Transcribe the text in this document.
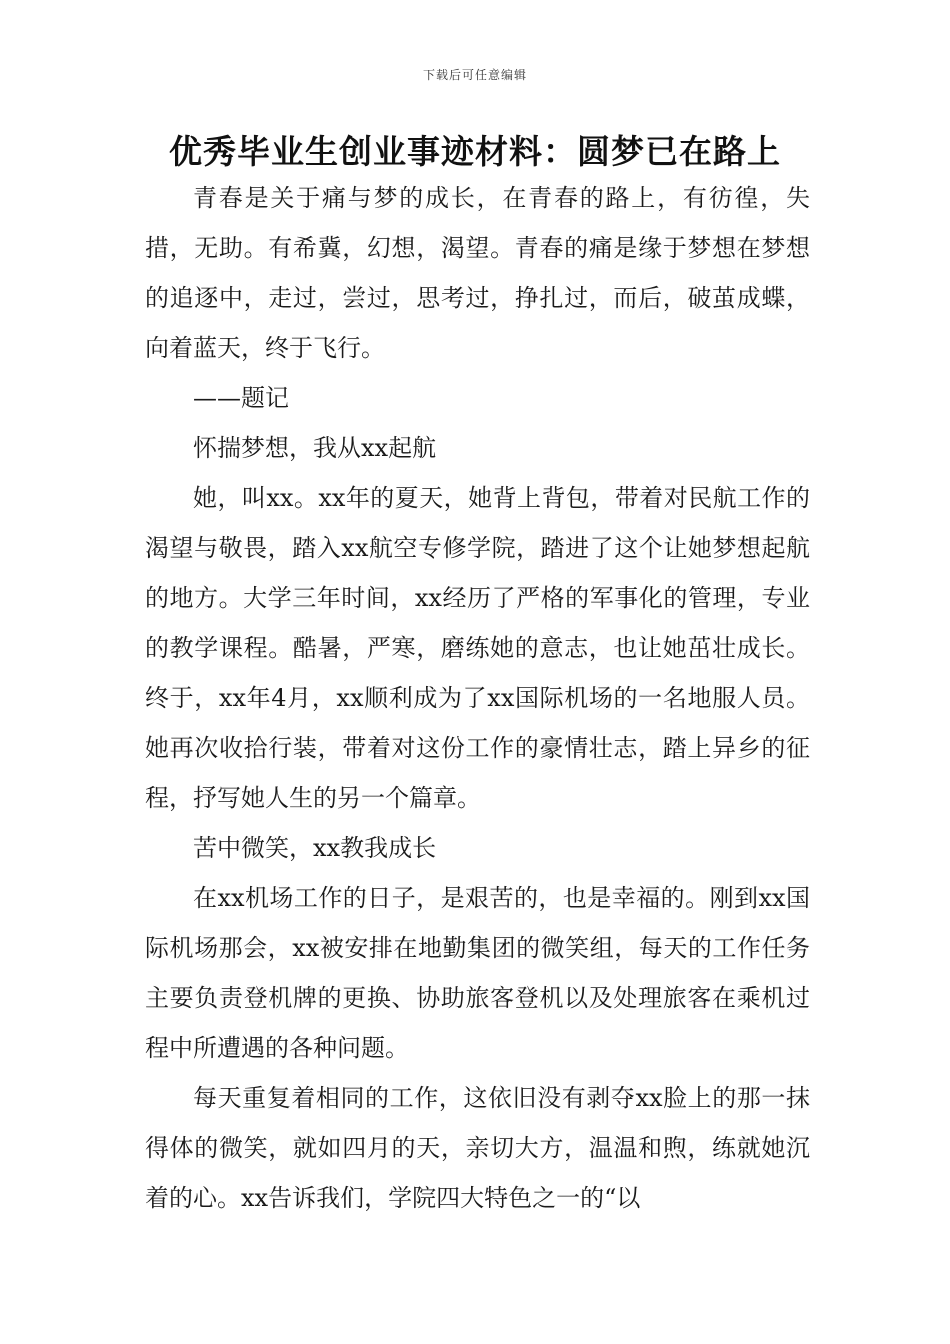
下载后可任意编辑
优秀毕业生创业事迹材料：圆梦已在路上

青春是关于痛与梦的成长，在青春的路上，有彷徨，失措，无助。有希冀，幻想，渴望。青春的痛是缘于梦想在梦想的追逐中，走过，尝过，思考过，挣扎过，而后，破茧成蝶，向着蓝天，终于飞行。

——题记

怀揣梦想，我从xx起航

她，叫xx。xx年的夏天，她背上背包，带着对民航工作的渴望与敬畏，踏入xx航空专修学院，踏进了这个让她梦想起航的地方。大学三年时间，xx经历了严格的军事化的管理，专业的教学课程。酷暑，严寒，磨练她的意志，也让她茁壮成长。终于，xx年4月，xx顺利成为了xx国际机场的一名地服人员。她再次收拾行装，带着对这份工作的豪情壮志，踏上异乡的征程，抒写她人生的另一个篇章。

苦中微笑，xx教我成长

在xx机场工作的日子，是艰苦的，也是幸福的。刚到xx国际机场那会，xx被安排在地勤集团的微笑组，每天的工作任务主要负责登机牌的更换、协助旅客登机以及处理旅客在乘机过程中所遭遇的各种问题。

每天重复着相同的工作，这依旧没有剥夺xx脸上的那一抹得体的微笑，就如四月的天，亲切大方，温温和煦，练就她沉着的心。xx告诉我们，学院四大特色之一的“以
